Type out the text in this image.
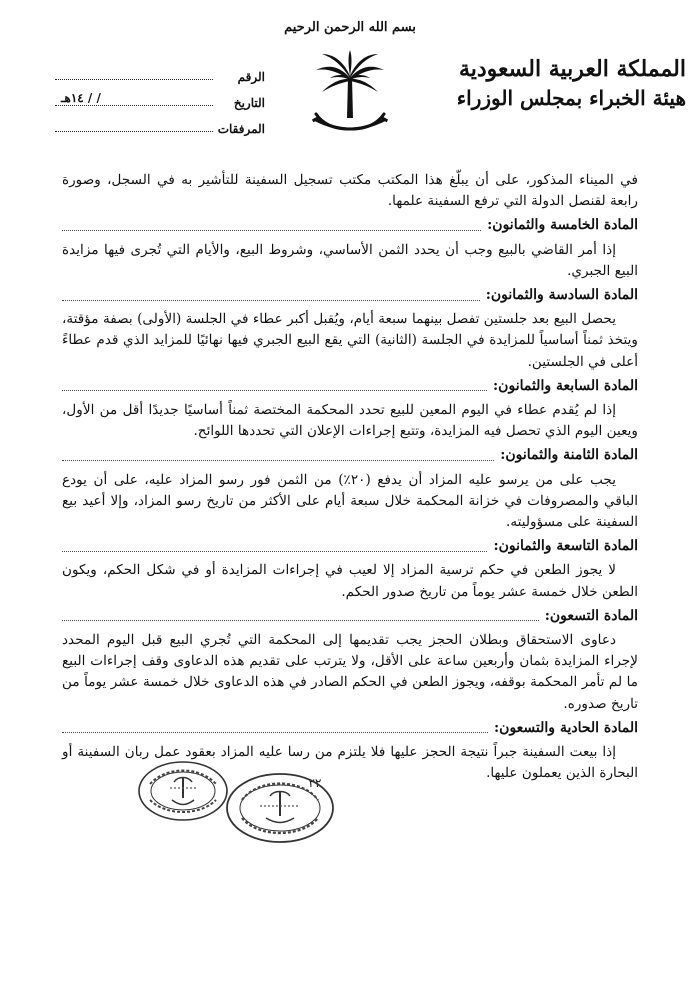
بسم الله الرحمن الرحيم
المملكة العربية السعودية
هيئة الخبراء بمجلس الوزراء
الرقم
التاريخ
١٤هـ / /
المرفقات

في الميناء المذكور، على أن يبلّغ هذا المكتب مكتب تسجيل السفينة للتأشير به في السجل، وصورة رابعة لقنصل الدولة التي ترفع السفينة علمها.

المادة الخامسة والثمانون:

إذا أمر القاضي بالبيع وجب أن يحدد الثمن الأساسي، وشروط البيع، والأيام التي تُجرى فيها مزايدة البيع الجبري.

المادة السادسة والثمانون:

يحصل البيع بعد جلستين تفصل بينهما سبعة أيام، ويُقبل أكبر عطاء في الجلسة (الأولى) بصفة مؤقتة، ويتخذ ثمناً أساسياً للمزايدة في الجلسة (الثانية) التي يقع البيع الجبري فيها نهائيًا للمزايد الذي قدم عطاءً أعلى في الجلستين.

المادة السابعة والثمانون:

إذا لم يُقدم عطاء في اليوم المعين للبيع تحدد المحكمة المختصة ثمناً أساسيًا جديدًا أقل من الأول، ويعين اليوم الذي تحصل فيه المزايدة، وتتبع إجراءات الإعلان التي تحددها اللوائح.

المادة الثامنة والثمانون:

يجب على من يرسو عليه المزاد أن يدفع (٢٠٪) من الثمن فور رسو المزاد عليه، على أن يودع الباقي والمصروفات في خزانة المحكمة خلال سبعة أيام على الأكثر من تاريخ رسو المزاد، وإلا أعيد بيع السفينة على مسؤوليته.

المادة التاسعة والثمانون:

لا يجوز الطعن في حكم ترسية المزاد إلا لعيب في إجراءات المزايدة أو في شكل الحكم، ويكون الطعن خلال خمسة عشر يوماً من تاريخ صدور الحكم.

المادة التسعون:

دعاوى الاستحقاق وبطلان الحجز يجب تقديمها إلى المحكمة التي تُجري البيع قبل اليوم المحدد لإجراء المزايدة بثمان وأربعين ساعة على الأقل، ولا يترتب على تقديم هذه الدعاوى وقف إجراءات البيع ما لم تأمر المحكمة بوقفه، ويجوز الطعن في الحكم الصادر في هذه الدعاوى خلال خمسة عشر يوماً من تاريخ صدوره.

المادة الحادية والتسعون:

إذا بيعت السفينة جبراً نتيجة الحجز عليها فلا يلتزم من رسا عليه المزاد بعقود عمل ربان السفينة أو البحارة الذين يعملون عليها.

٢٢
